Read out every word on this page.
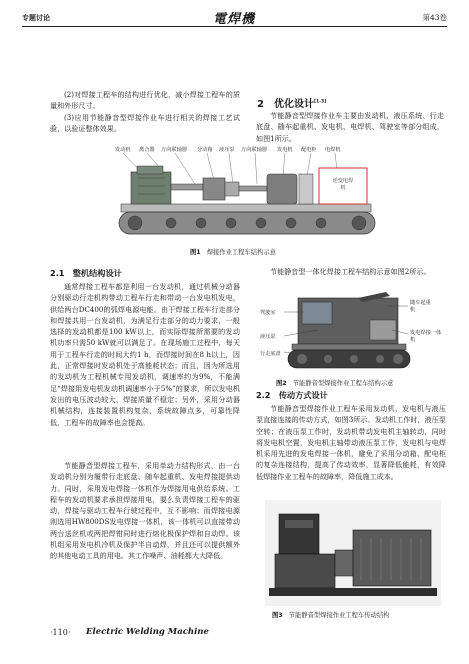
专题讨论	電焊機	第43卷

(2)对焊接工程车的结构进行优化，减小焊接工程车的质量和外形尺寸。

(3)应用节能静音型焊接作业车进行相关的焊接工艺试验，以验证整体效果。

2　优化设计[1-3]

节能静音型焊接作业车主要由发动机、液压系统、行走底盘、随车起重机、发电机、电焊机、驾驶室等部分组成，如图1所示。

发动机 离合器 万向联轴器 分动箱 液压泵 万向联轴器 发电机 配电柜 电焊机
逆变电焊机
图1 焊接作业工程车结构示意
2.1　整机结构设计

通常焊接工程车都是利用一台发动机，通过机械分动器分别驱动行走机构带动工程车行走和带动一台发电机发电，供给两台DC400的弧焊电源电能。由于焊接工程车行走部分和焊接共用一台发动机，为满足行走部分的动力要求，一般选择的发动机都是100 kW以上，而实际焊接所需要的发动机功率只需50 kW就可以满足了。在现场施工过程中，每天用于工程车行走的时间大约1 h，而焊接时间在8 h以上，因此，正常焊接时发动机处于高能耗状态；而且，因为所选用的发动机为工程机械专用发动机，调速率约为9%，不能满足“焊接用发电机发动机调速率小于5%”的要求，所以发电机发出的电压波动较大，焊接质量不稳定；另外，采用分动器机械结构，连接装置机构复杂，系统故障点多，可靠性降低，工程车的故障率也会提高。

节能静音型焊接工程车，采用单动力结构形式，由一台发动机分别为履带行走底盘、随车起重机、发电焊接提供动力。同时，采用发电焊接一体机作为焊接用电供给系统。工程车的发动机要求承担焊接用电，要么负责焊接工程车的驱动，焊接与驱动工程车行驶过程中，互不影响；而焊接电源则选用HW800DS发电焊接一体机，该一体机可以直接带动两台送丝机或两把焊钳同时进行熔化极保护焊和自动焊。该机组采用发电机冷机及保护半自动焊，并且还可以提供额外的其他电动工具的用电。其工作噪声、油耗都大大降低。

节能静音型一体化焊接工程车结构示意如图2所示。

驾驶室
液压泵
行走底盘
随车起重机
发电焊接一体机
图2 节能静音型焊接作业工程车结构示意
2.2　传动方式设计

节能静音型焊接作业工程车采用发动机、发电机与液压泵直接连接的传动方式，如图3所示。发动机工作时，液压泵空转；在液压泵工作时，发动机带动发电机主轴转动，同时将发电机空置，发电机主轴带动液压泵工作，发电机与电焊机采用先进的发电焊接一体机，避免了采用分动箱、配电柜的复杂连接结构，提高了传动效率，显著降低能耗，有效降低焊接作业工程车的故障率，降低施工成本。

图3 节能静音型焊接作业工程车传动结构
·110· Electric Welding Machine
